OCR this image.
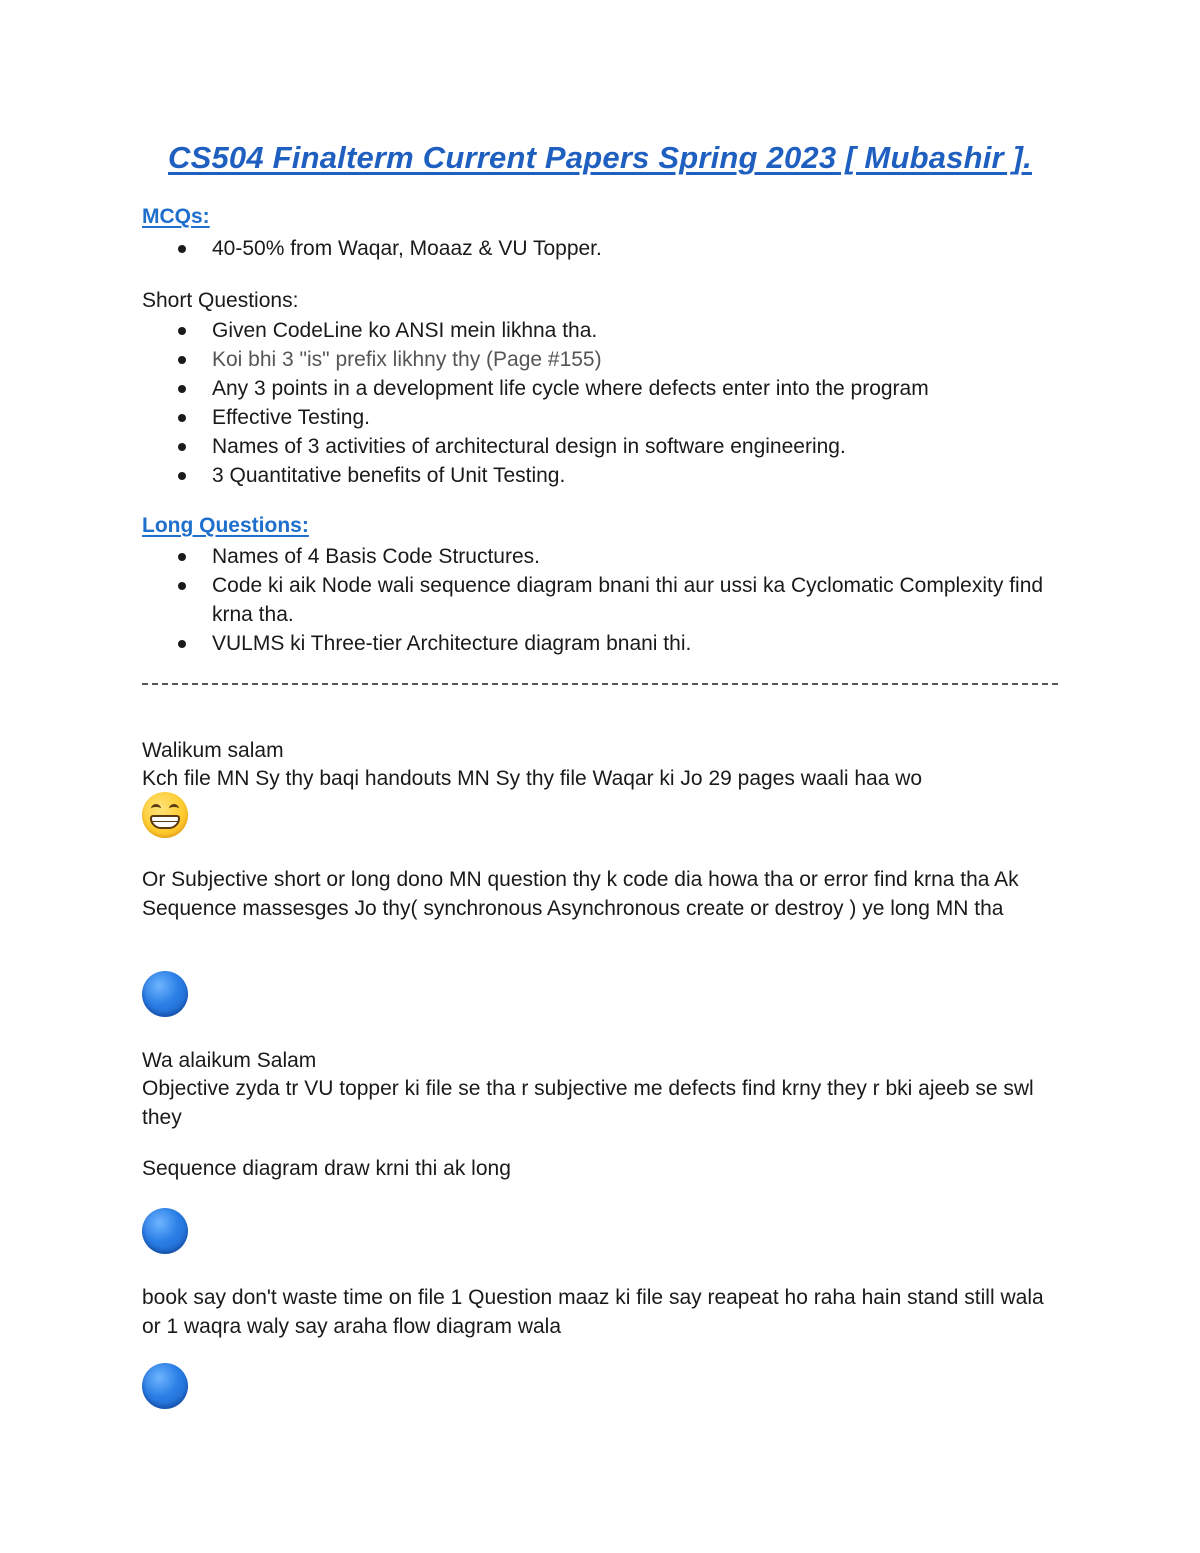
CS504 Finalterm Current Papers Spring 2023 [ Mubashir ].
MCQs:
40-50% from Waqar, Moaaz & VU Topper.
Short Questions:
Given CodeLine ko ANSI mein likhna tha.
Koi bhi 3 "is" prefix likhny thy (Page #155)
Any 3 points in a development life cycle where defects enter into the program
Effective Testing.
Names of 3 activities of architectural design in software engineering.
3 Quantitative benefits of Unit Testing.
Long Questions:
Names of 4 Basis Code Structures.
Code ki aik Node wali sequence diagram bnani thi aur ussi ka Cyclomatic Complexity find krna tha.
VULMS ki Three-tier Architecture diagram bnani thi.
Walikum salam
Kch file MN Sy thy baqi handouts MN Sy thy file Waqar ki Jo 29 pages waali haa wo
Or Subjective short or long dono MN question thy k code dia howa tha or error find krna tha Ak Sequence massesges Jo thy( synchronous Asynchronous create or destroy ) ye long MN tha
Wa alaikum Salam
Objective zyda tr VU topper ki file se tha r subjective me defects find krny they r bki ajeeb se swl they
Sequence diagram draw krni thi ak long
book say don't waste time on file 1 Question maaz ki file say reapeat ho raha hain stand still wala or 1 waqra waly say araha flow diagram wala
